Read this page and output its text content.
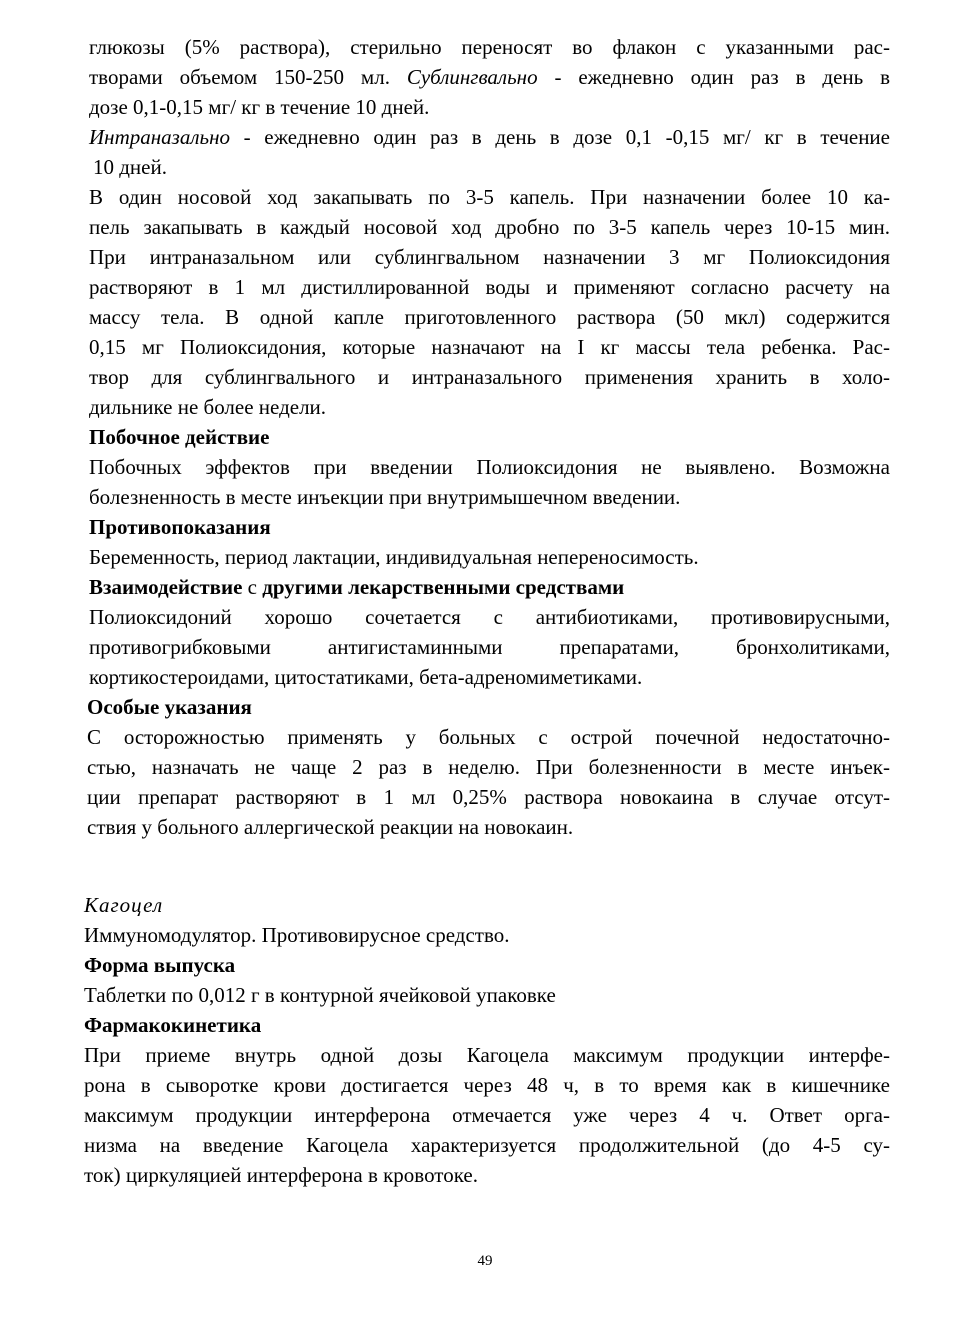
глюкозы (5% раствора), стерильно переносят во флакон с указанными рас-

творами объемом 150-250 мл. Сублингвально - ежедневно один раз в день в

дозе 0,1-0,15 мг/ кг в течение 10 дней.

Интраназально - ежедневно один раз в день в дозе 0,1 -0,15 мг/ кг в течение

10 дней.

В один носовой ход закапывать по 3-5 капель. При назначении более 10 ка-

пель закапывать в каждый носовой ход дробно по 3-5 капель через 10-15 мин.

При интраназальном или сублингвальном назначении 3 мг Полиоксидония

растворяют в 1 мл дистиллированной воды и применяют согласно расчету на

массу тела. В одной капле приготовленного раствора (50 мкл) содержится

0,15 мг Полиоксидония, которые назначают на I кг массы тела ребенка. Рас-

твор для сублингвального и интраназального применения хранить в холо-

дильнике не более недели.

Побочное действие

Побочных эффектов при введении Полиоксидония не выявлено. Возможна

болезненность в месте инъекции при внутримышечном введении.

Противопоказания

Беременность, период лактации, индивидуальная непереносимость.

Взаимодействие с другими лекарственными средствами

Полиоксидоний хорошо сочетается с антибиотиками, противовирусными,

противогрибковыми антигистаминными препаратами, бронхолитиками,

кортикостероидами, цитостатиками, бета-адреномиметиками.

Особые указания

С осторожностью применять у больных с острой почечной недостаточно-

стью, назначать не чаще 2 раз в неделю. При болезненности в месте инъек-

ции препарат растворяют в 1 мл 0,25% раствора новокаина в случае отсут-

ствия у больного аллергической реакции на новокаин.

Кагоцел

Иммуномодулятор. Противовирусное средство.

Форма выпуска

Таблетки по 0,012 г в контурной ячейковой упаковке

Фармакокинетика

При приеме внутрь одной дозы Кагоцела максимум продукции интерфе-

рона в сыворотке крови достигается через 48 ч, в то время как в кишечнике

максимум продукции интерферона отмечается уже через 4 ч. Ответ орга-

низма на введение Кагоцела характеризуется продолжительной (до 4-5 су-

ток) циркуляцией интерферона в кровотоке.

49
